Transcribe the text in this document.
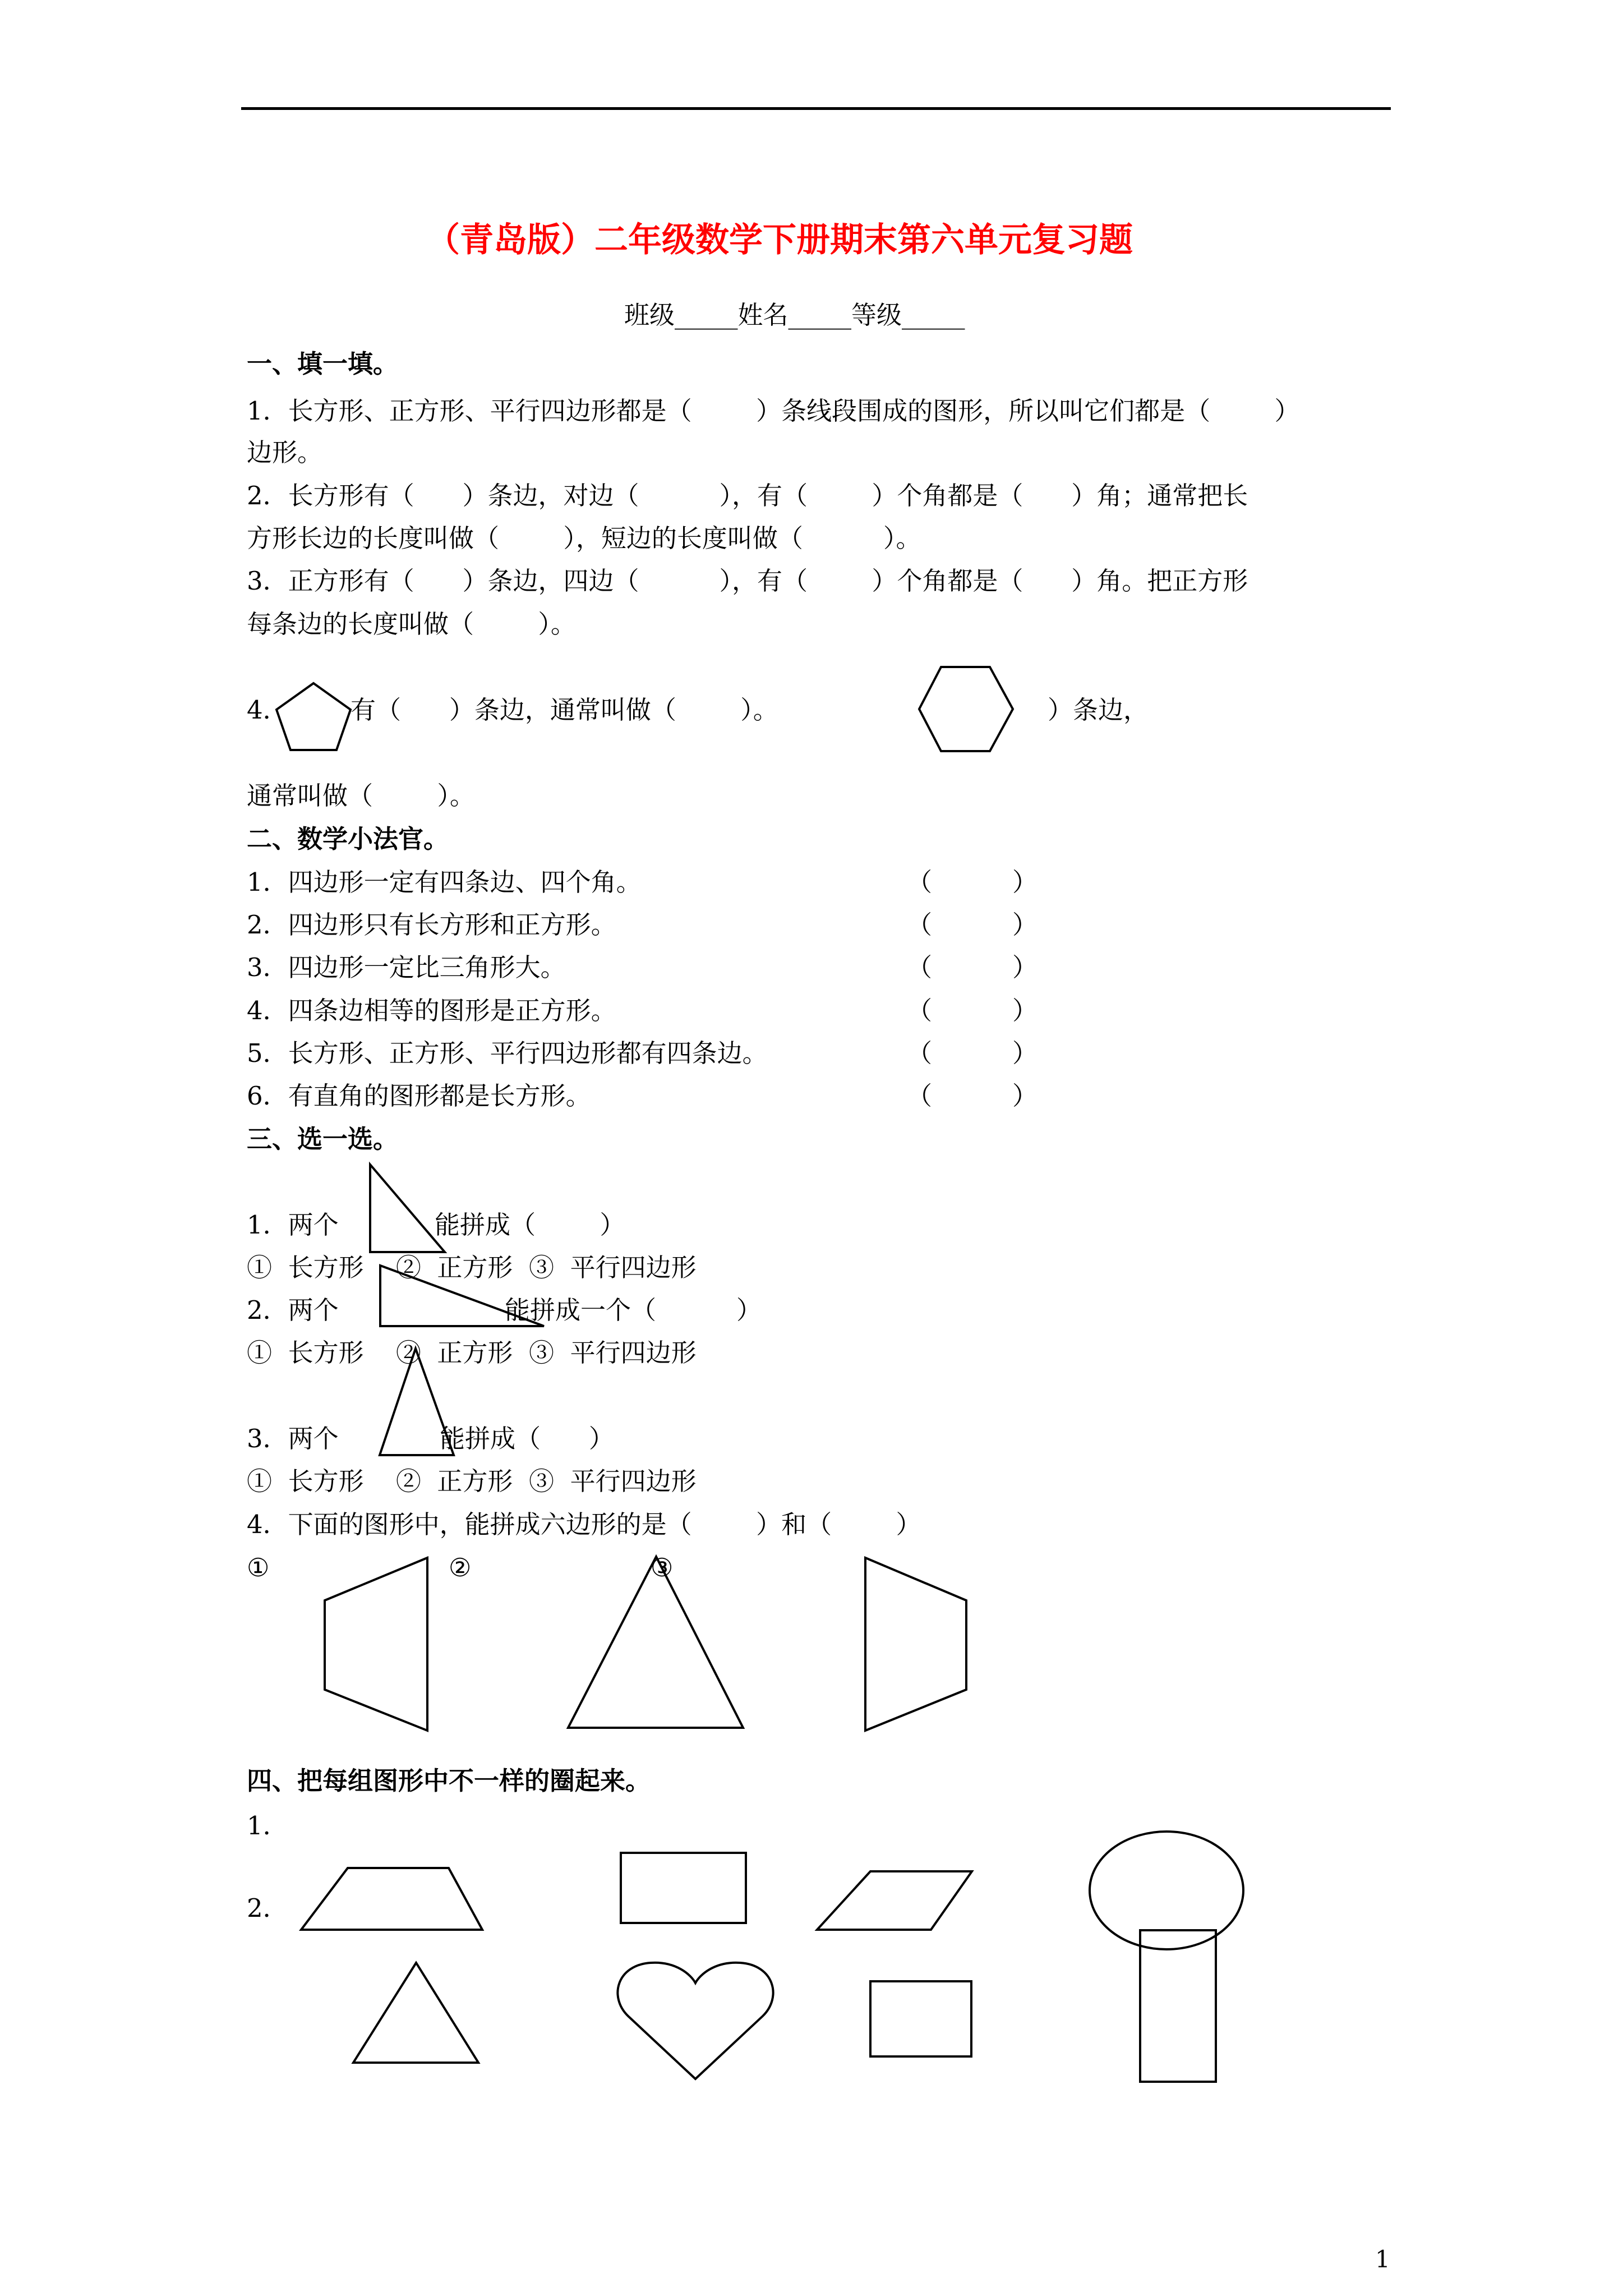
（青岛版）二年级数学下册期末第六单元复习题
班级_____姓名_____等级_____
一、填一填。
1．长方形、正方形、平行四边形都是（        ）条线段围成的图形，所以叫它们都是（        ）
边形。
2．长方形有（      ）条边，对边（          ），有（        ）个角都是（      ）角；通常把长
方形长边的长度叫做（        ），短边的长度叫做（          ）。
3．正方形有（      ）条边，四边（          ），有（        ）个角都是（      ）角。把正方形
每条边的长度叫做（        ）。
4． 有（      ）条边，通常叫做（        ）。	）条边，
通常叫做（        ）。
二、数学小法官。
1．四边形一定有四条边、四个角。	（          ）
2．四边形只有长方形和正方形。	（          ）
3．四边形一定比三角形大。	（          ）
4．四条边相等的图形是正方形。	（          ）
5．长方形、正方形、平行四边形都有四条边。	（          ）
6．有直角的图形都是长方形。	（          ）
三、选一选。
1．两个	能拼成（        ）
①  长方形    ②  正方形  ③  平行四边形
2．两个	能拼成一个（          ）
①  长方形    ②  正方形  ③  平行四边形
3．两个	能拼成（      ）
①  长方形    ②  正方形  ③  平行四边形
4．下面的图形中，能拼成六边形的是（        ）和（        ）
①	②	③
四、把每组图形中不一样的圈起来。
1．
2．
1
